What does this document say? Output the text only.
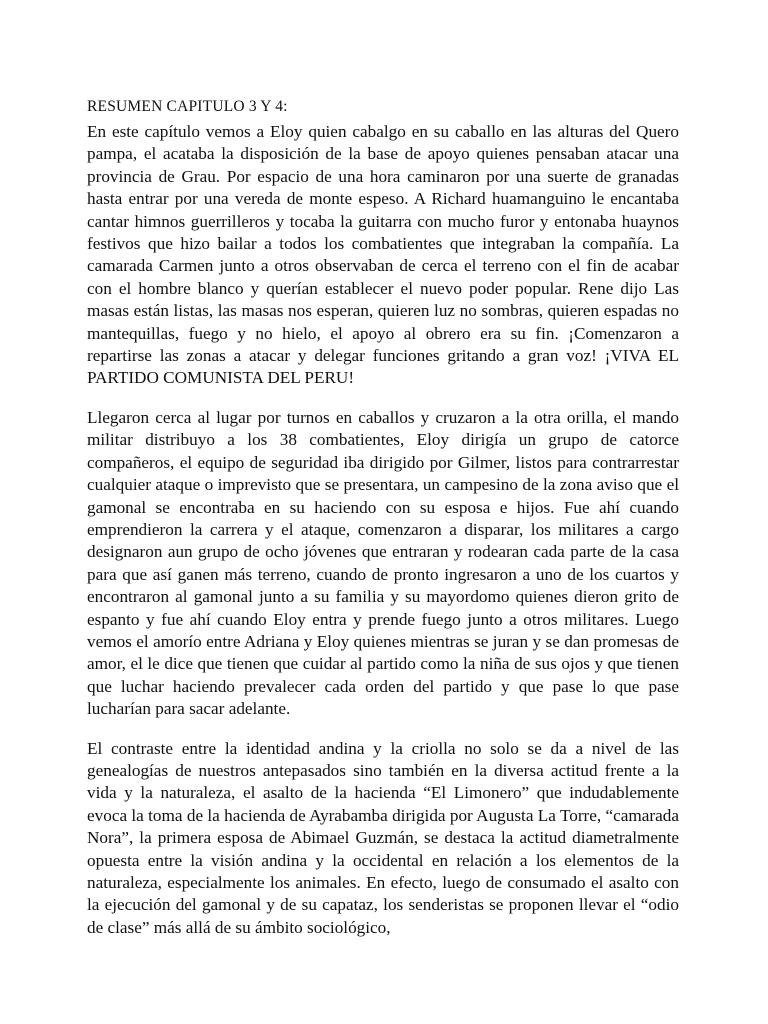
RESUMEN CAPITULO 3 Y 4:

En este capítulo vemos a Eloy quien cabalgo en su caballo en las alturas del Quero pampa, el acataba la disposición de la base de apoyo quienes pensaban atacar una provincia de Grau. Por espacio de una hora caminaron por una suerte de granadas hasta entrar por una vereda de monte espeso. A Richard huamanguino le encantaba cantar himnos guerrilleros y tocaba la guitarra con mucho furor y entonaba huaynos festivos que hizo bailar a todos los combatientes que integraban la compañía. La camarada Carmen junto a otros observaban de cerca el terreno con el fin de acabar con el hombre blanco y querían establecer el nuevo poder popular. Rene dijo Las masas están listas, las masas nos esperan, quieren luz no sombras, quieren espadas no mantequillas, fuego y no hielo, el apoyo al obrero era su fin. ¡Comenzaron a repartirse las zonas a atacar y delegar funciones gritando a gran voz! ¡VIVA EL PARTIDO COMUNISTA DEL PERU!

Llegaron cerca al lugar por turnos en caballos y cruzaron a la otra orilla, el mando militar distribuyo a los 38 combatientes, Eloy dirigía un grupo de catorce compañeros, el equipo de seguridad iba dirigido por Gilmer, listos para contrarrestar cualquier ataque o imprevisto que se presentara, un campesino de la zona aviso que el gamonal se encontraba en su haciendo con su esposa e hijos. Fue ahí cuando emprendieron la carrera y el ataque, comenzaron a disparar, los militares a cargo designaron aun grupo de ocho jóvenes que entraran y rodearan cada parte de la casa para que así ganen más terreno, cuando de pronto ingresaron a uno de los cuartos y encontraron al gamonal junto a su familia y su mayordomo quienes dieron grito de espanto y fue ahí cuando Eloy entra y prende fuego junto a otros militares. Luego vemos el amorío entre Adriana y Eloy quienes mientras se juran y se dan promesas de amor, el le dice que tienen que cuidar al partido como la niña de sus ojos y que tienen que luchar haciendo prevalecer cada orden del partido y que pase lo que pase lucharían para sacar adelante.

El contraste entre la identidad andina y la criolla no solo se da a nivel de las genealogías de nuestros antepasados sino también en la diversa actitud frente a la vida y la naturaleza, el asalto de la hacienda “El Limonero” que indudablemente evoca la toma de la hacienda de Ayrabamba dirigida por Augusta La Torre, “camarada Nora”, la primera esposa de Abimael Guzmán, se destaca la actitud diametralmente opuesta entre la visión andina y la occidental en relación a los elementos de la naturaleza, especialmente los animales. En efecto, luego de consumado el asalto con la ejecución del gamonal y de su capataz, los senderistas se proponen llevar el “odio de clase” más allá de su ámbito sociológico,
